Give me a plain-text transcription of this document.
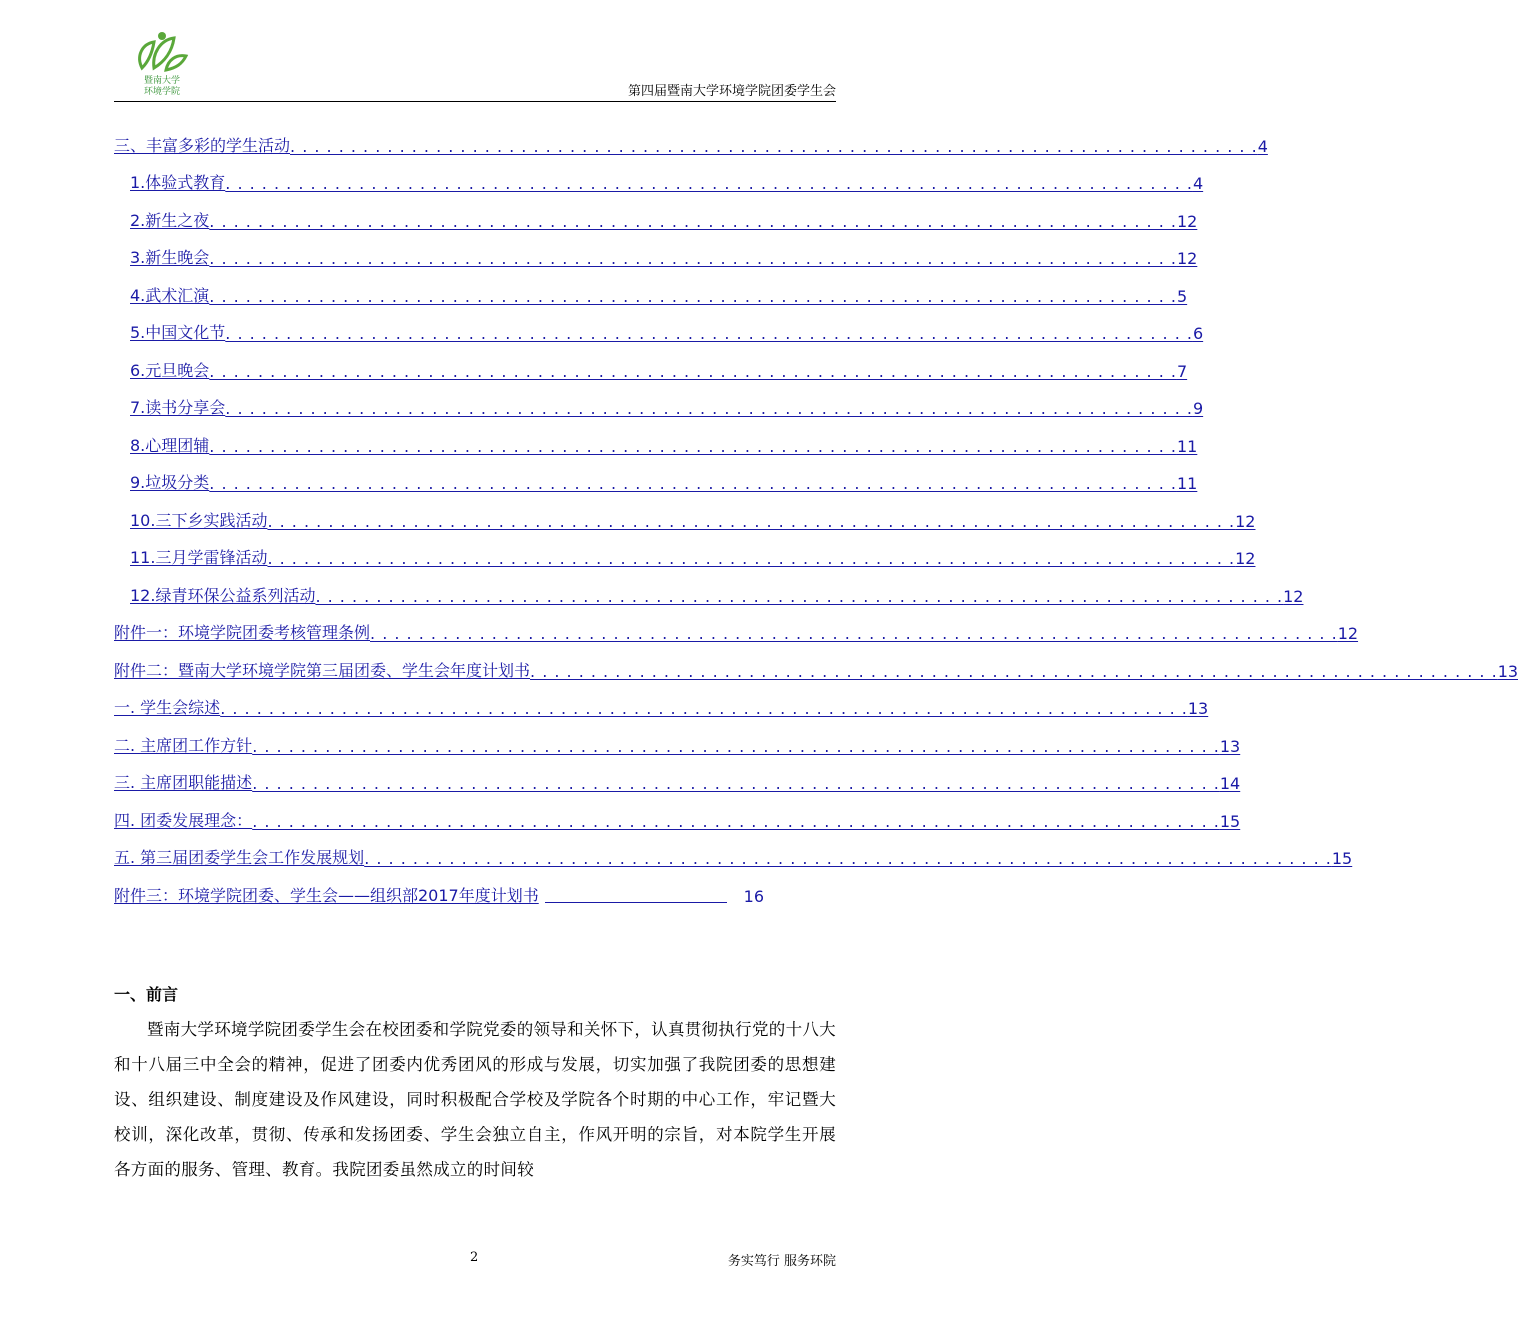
暨南大学
环境学院	第四届暨南大学环境学院团委学生会
三、丰富多彩的学生活动 . . . . . . . . . . . . . . . . . . . . . . . . . . . . . . . . . . . . . . . . . . . . . . . . . . . . . . . . . . . . . . . . . . . . . . . . . . . . . . . . 4
1.体验式教育 . . . . . . . . . . . . . . . . . . . . . . . . . . . . . . . . . . . . . . . . . . . . . . . . . . . . . . . . . . . . . . . . . . . . . . . . . . . . . . . . 4
2.新生之夜 . . . . . . . . . . . . . . . . . . . . . . . . . . . . . . . . . . . . . . . . . . . . . . . . . . . . . . . . . . . . . . . . . . . . . . . . . . . . . . . . 12
3.新生晚会 . . . . . . . . . . . . . . . . . . . . . . . . . . . . . . . . . . . . . . . . . . . . . . . . . . . . . . . . . . . . . . . . . . . . . . . . . . . . . . . . 12
4.武术汇演 . . . . . . . . . . . . . . . . . . . . . . . . . . . . . . . . . . . . . . . . . . . . . . . . . . . . . . . . . . . . . . . . . . . . . . . . . . . . . . . . 5
5.中国文化节 . . . . . . . . . . . . . . . . . . . . . . . . . . . . . . . . . . . . . . . . . . . . . . . . . . . . . . . . . . . . . . . . . . . . . . . . . . . . . . . . 6
6.元旦晚会 . . . . . . . . . . . . . . . . . . . . . . . . . . . . . . . . . . . . . . . . . . . . . . . . . . . . . . . . . . . . . . . . . . . . . . . . . . . . . . . . 7
7.读书分享会 . . . . . . . . . . . . . . . . . . . . . . . . . . . . . . . . . . . . . . . . . . . . . . . . . . . . . . . . . . . . . . . . . . . . . . . . . . . . . . . . 9
8.心理团辅 . . . . . . . . . . . . . . . . . . . . . . . . . . . . . . . . . . . . . . . . . . . . . . . . . . . . . . . . . . . . . . . . . . . . . . . . . . . . . . . . 11
9.垃圾分类 . . . . . . . . . . . . . . . . . . . . . . . . . . . . . . . . . . . . . . . . . . . . . . . . . . . . . . . . . . . . . . . . . . . . . . . . . . . . . . . . 11
10.三下乡实践活动 . . . . . . . . . . . . . . . . . . . . . . . . . . . . . . . . . . . . . . . . . . . . . . . . . . . . . . . . . . . . . . . . . . . . . . . . . . . . . . . . 12
11.三月学雷锋活动 . . . . . . . . . . . . . . . . . . . . . . . . . . . . . . . . . . . . . . . . . . . . . . . . . . . . . . . . . . . . . . . . . . . . . . . . . . . . . . . . 12
12.绿青环保公益系列活动 . . . . . . . . . . . . . . . . . . . . . . . . . . . . . . . . . . . . . . . . . . . . . . . . . . . . . . . . . . . . . . . . . . . . . . . . . . . . . . . . 12
附件一：环境学院团委考核管理条例 . . . . . . . . . . . . . . . . . . . . . . . . . . . . . . . . . . . . . . . . . . . . . . . . . . . . . . . . . . . . . . . . . . . . . . . . . . . . . . . . 12
附件二：暨南大学环境学院第三届团委、学生会年度计划书 . . . . . . . . . . . . . . . . . . . . . . . . . . . . . . . . . . . . . . . . . . . . . . . . . . . . . . . . . . . . . . . . . . . . . . . . . . . . . . . . 13
一. 学生会综述 . . . . . . . . . . . . . . . . . . . . . . . . . . . . . . . . . . . . . . . . . . . . . . . . . . . . . . . . . . . . . . . . . . . . . . . . . . . . . . . . 13
二. 主席团工作方针 . . . . . . . . . . . . . . . . . . . . . . . . . . . . . . . . . . . . . . . . . . . . . . . . . . . . . . . . . . . . . . . . . . . . . . . . . . . . . . . . 13
三. 主席团职能描述 . . . . . . . . . . . . . . . . . . . . . . . . . . . . . . . . . . . . . . . . . . . . . . . . . . . . . . . . . . . . . . . . . . . . . . . . . . . . . . . . 14
四. 团委发展理念： . . . . . . . . . . . . . . . . . . . . . . . . . . . . . . . . . . . . . . . . . . . . . . . . . . . . . . . . . . . . . . . . . . . . . . . . . . . . . . . . 15
五. 第三届团委学生会工作发展规划 . . . . . . . . . . . . . . . . . . . . . . . . . . . . . . . . . . . . . . . . . . . . . . . . . . . . . . . . . . . . . . . . . . . . . . . . . . . . . . . . 15
附件三：环境学院团委、学生会——组织部2017年度计划书	16
一、前言
暨南大学环境学院团委学生会在校团委和学院党委的领导和关怀下，认真贯彻执行党的十八大和十八届三中全会的精神，促进了团委内优秀团风的形成与发展，切实加强了我院团委的思想建设、组织建设、制度建设及作风建设，同时积极配合学校及学院各个时期的中心工作，牢记暨大校训，深化改革，贯彻、传承和发扬团委、学生会独立自主，作风开明的宗旨，对本院学生开展各方面的服务、管理、教育。我院团委虽然成立的时间较
2	务实笃行 服务环院
